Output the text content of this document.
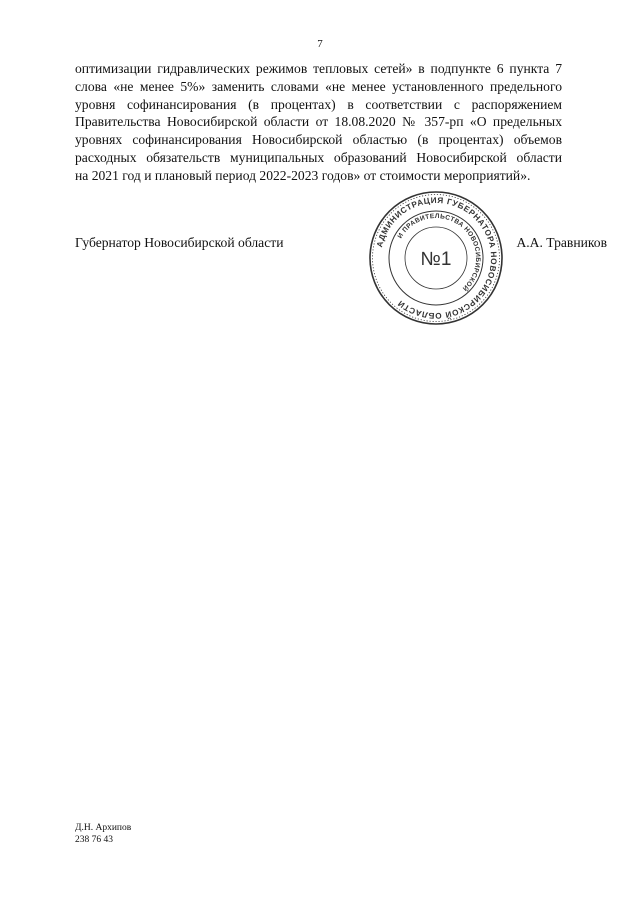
7
оптимизации гидравлических режимов тепловых сетей» в подпункте 6 пункта 7
слова «не менее 5%» заменить словами «не менее установленного предельного
уровня софинансирования (в процентах) в соответствии с распоряжением
Правительства Новосибирской области от 18.08.2020 № 357-рп «О предельных
уровнях софинансирования Новосибирской областью (в процентах) объемов
расходных обязательств муниципальных образований Новосибирской области
на 2021 год и плановый период 2022-2023 годов» от стоимости мероприятий».
Губернатор Новосибирской области	А.А. Травников
АДМИНИСТРАЦИЯ ГУБЕРНАТОРА НОВОСИБИРСКОЙ ОБЛАСТИ
И ПРАВИТЕЛЬСТВА НОВОСИБИРСКОЙ
№1
Д.Н. Архипов
238 76 43
